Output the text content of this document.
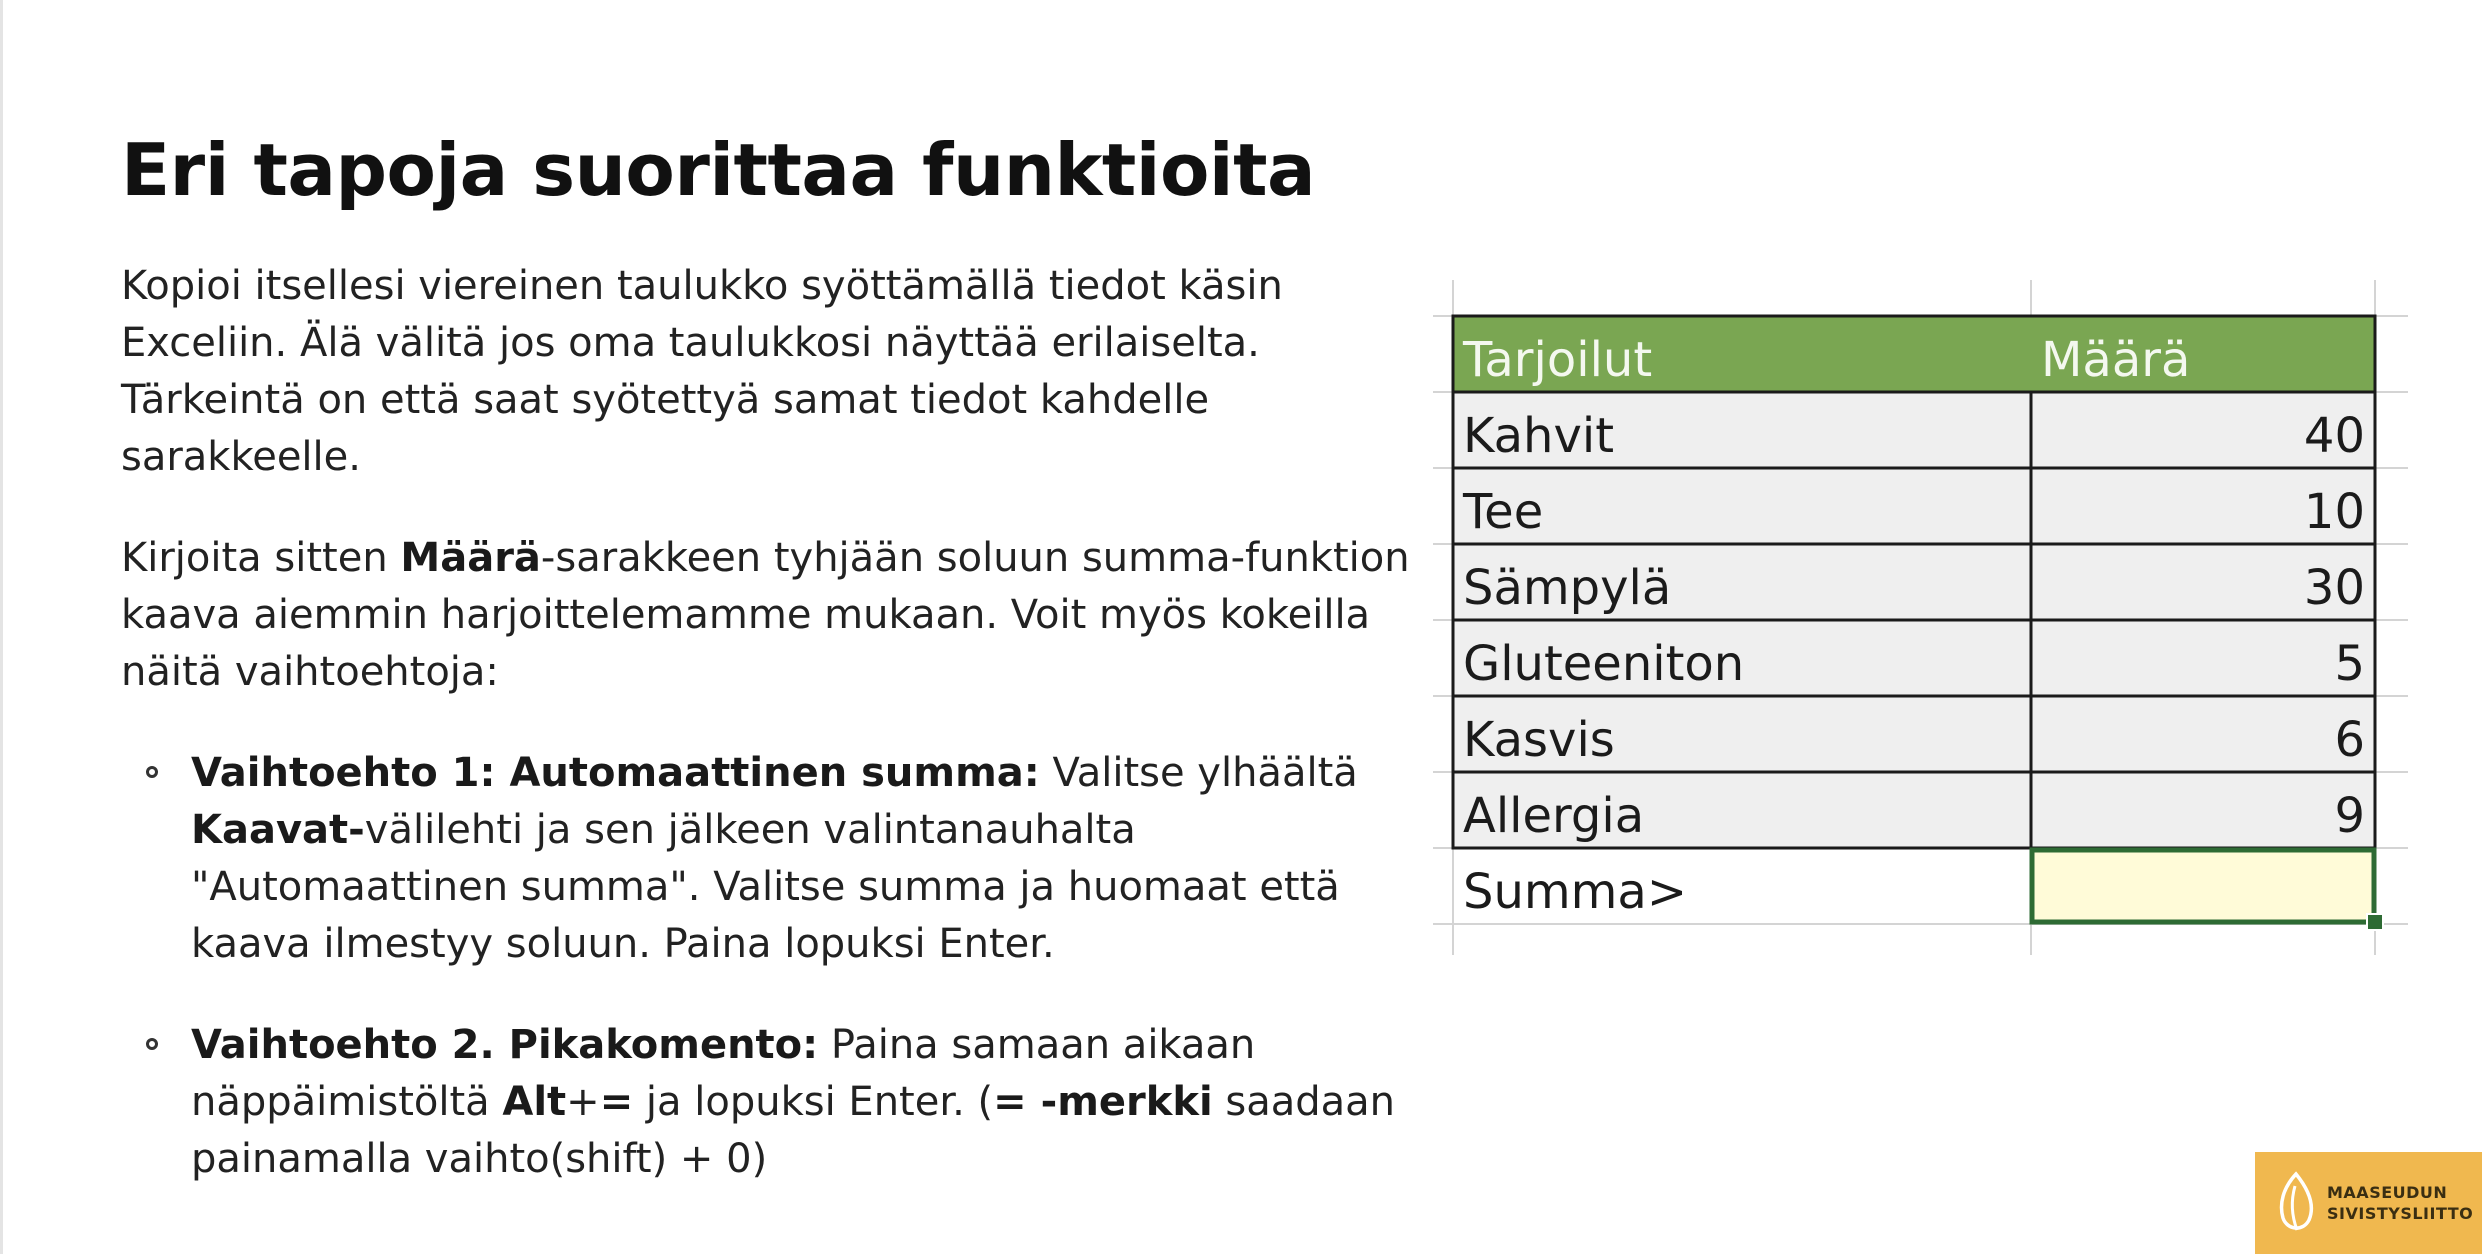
Eri tapoja suorittaa funktioita

Kopioi itsellesi viereinen taulukko syöttämällä tiedot käsin Exceliin. Älä välitä jos oma taulukkosi näyttää erilaiselta. Tärkeintä on että saat syötettyä samat tiedot kahdelle sarakkeelle.

Kirjoita sitten Määrä-sarakkeen tyhjään soluun summa-funktion kaava aiemmin harjoittelemamme mukaan. Voit myös kokeilla näitä vaihtoehtoja:

Vaihtoehto 1: Automaattinen summa: Valitse ylhäältä Kaavat-välilehti ja sen jälkeen valintanauhalta "Automaattinen summa". Valitse summa ja huomaat että kaava ilmestyy soluun. Paina lopuksi Enter.
Vaihtoehto 2. Pikakomento: Paina samaan aikaan näppäimistöltä Alt+= ja lopuksi Enter. (= -merkki saadaan painamalla vaihto(shift) + 0)
Tarjoilut	Määrä
Kahvit	40
Tee	10
Sämpylä	30
Gluteeniton	5
Kasvis	6
Allergia	9
Summa>
MAASEUDUN
SIVISTYSLIITTO
